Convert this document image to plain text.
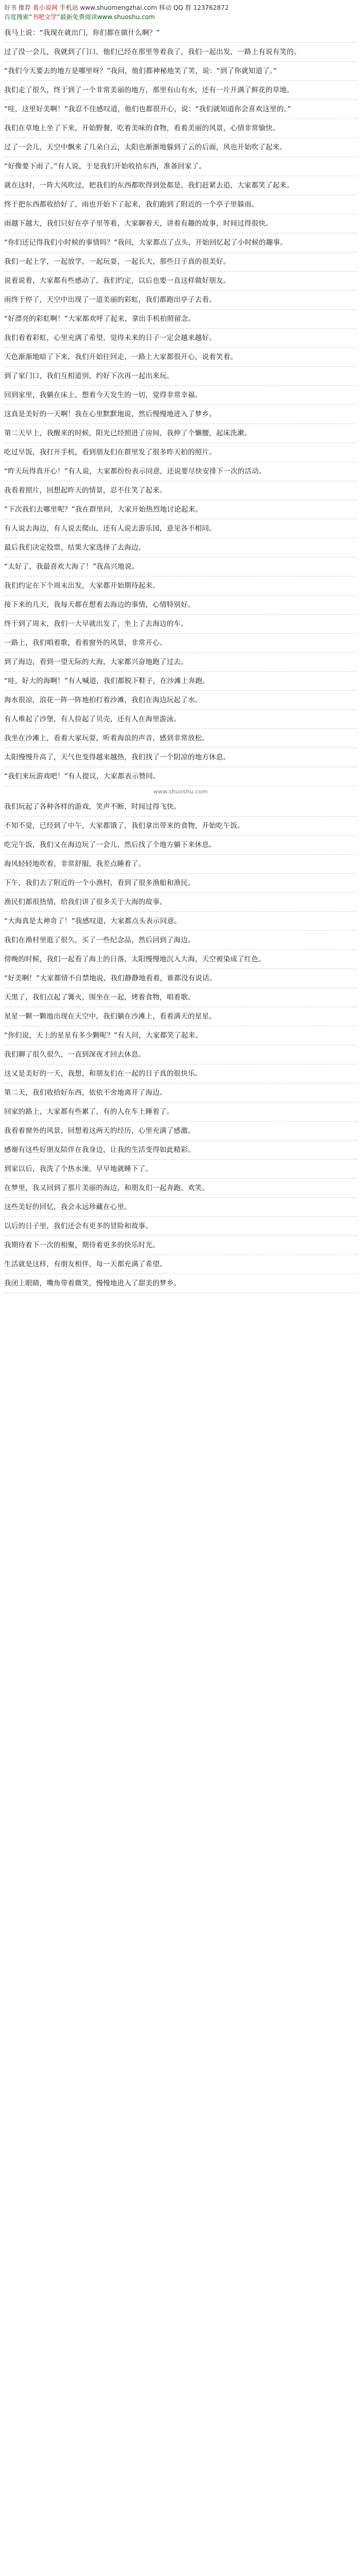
好书 推荐 看小说网 手机站 www.shuomengzhai.com 移动 QQ 群 123762872
百度搜索“书吧文学”最新免费阅读www.shuoshu.com

我马上说：“我现在就出门，你们都在做什么啊？”

过了没一会儿，我就到了门口，他们已经在那里等着我了，我们一起出发，一路上有说有笑的。

“我们今天要去的地方是哪里呀？”我问，他们都神秘地笑了笑，说：“到了你就知道了。”

我们走了很久，终于到了一个非常美丽的地方，那里有山有水，还有一片开满了鲜花的草地。

“哇，这里好美啊！”我忍不住感叹道，他们也都很开心，说：“我们就知道你会喜欢这里的。”

我们在草地上坐了下来，开始野餐，吃着美味的食物，看着美丽的风景，心情非常愉快。

过了一会儿，天空中飘来了几朵白云，太阳也渐渐地躲到了云的后面，风也开始吹了起来。

“好像要下雨了。”有人说，于是我们开始收拾东西，准备回家了。

就在这时，一阵大风吹过，把我们的东西都吹得到处都是，我们赶紧去追，大家都笑了起来。

终于把东西都收拾好了，雨也开始下了起来，我们跑到了附近的一个亭子里躲雨。

雨越下越大，我们只好在亭子里等着，大家聊着天，讲着有趣的故事，时间过得很快。

“你们还记得我们小时候的事情吗？”我问，大家都点了点头，开始回忆起了小时候的趣事。

我们一起上学，一起放学，一起玩耍，一起长大，那些日子真的很美好。

说着说着，大家都有些感动了，我们约定，以后也要一直这样做好朋友。

雨终于停了，天空中出现了一道美丽的彩虹，我们都跑出亭子去看。

“好漂亮的彩虹啊！”大家都欢呼了起来，拿出手机拍照留念。

我们看着彩虹，心里充满了希望，觉得未来的日子一定会越来越好。

天色渐渐地暗了下来，我们开始往回走，一路上大家都很开心，说着笑着。

到了家门口，我们互相道别，约好下次再一起出来玩。

回到家里，我躺在床上，想着今天发生的一切，觉得非常幸福。

这真是美好的一天啊！我在心里默默地说，然后慢慢地进入了梦乡。

第二天早上，我醒来的时候，阳光已经照进了房间，我伸了个懒腰，起床洗漱。

吃过早饭，我打开手机，看到朋友们在群里发了很多昨天拍的照片。

“昨天玩得真开心！”有人说，大家都纷纷表示同意，还说要尽快安排下一次的活动。

我看着照片，回想起昨天的情景，忍不住笑了起来。

“下次我们去哪里呢？”我在群里问，大家开始热烈地讨论起来。

有人说去海边，有人说去爬山，还有人说去游乐园，意见各不相同。

最后我们决定投票，结果大家选择了去海边。

“太好了，我最喜欢大海了！”我高兴地说。

我们约定在下个周末出发，大家都开始期待起来。

接下来的几天，我每天都在想着去海边的事情，心情特别好。

终于到了周末，我们一大早就出发了，坐上了去海边的车。

一路上，我们唱着歌，看着窗外的风景，非常开心。

到了海边，看到一望无际的大海，大家都兴奋地跑了过去。

“哇，好大的海啊！”有人喊道，我们都脱下鞋子，在沙滩上奔跑。

海水很凉，浪花一阵一阵地拍打着沙滩，我们在海边玩起了水。

有人堆起了沙堡，有人捡起了贝壳，还有人在海里游泳。

我坐在沙滩上，看着大家玩耍，听着海浪的声音，感到非常放松。

太阳慢慢升高了，天气也变得越来越热，我们找了一个阴凉的地方休息。

“我们来玩游戏吧！”有人提议，大家都表示赞同。

www.shuoshu.com

我们玩起了各种各样的游戏，笑声不断，时间过得飞快。

不知不觉，已经到了中午，大家都饿了，我们拿出带来的食物，开始吃午饭。

吃完午饭，我们又在海边玩了一会儿，然后找了个地方躺下来休息。

海风轻轻地吹着，非常舒服，我差点睡着了。

下午，我们去了附近的一个小渔村，看到了很多渔船和渔民。

渔民们都很热情，给我们讲了很多关于大海的故事。

“大海真是太神奇了！”我感叹道，大家都点头表示同意。

我们在渔村里逛了很久，买了一些纪念品，然后回到了海边。

傍晚的时候，我们一起看了海上的日落，太阳慢慢地沉入大海，天空被染成了红色。

“好美啊！”大家都情不自禁地说，我们静静地看着，谁都没有说话。

天黑了，我们点起了篝火，围坐在一起，烤着食物，唱着歌。

星星一颗一颗地出现在天空中，我们躺在沙滩上，看着满天的星星。

“你们说，天上的星星有多少颗呢？”有人问，大家都笑了起来。

我们聊了很久很久，一直到深夜才回去休息。

这又是美好的一天，我想，和朋友们在一起的日子真的很快乐。

第二天，我们收拾好东西，依依不舍地离开了海边。

回家的路上，大家都有些累了，有的人在车上睡着了。

我看着窗外的风景，回想着这两天的经历，心里充满了感激。

感谢有这些好朋友陪伴在我身边，让我的生活变得如此精彩。

到家以后，我洗了个热水澡，早早地就睡下了。

在梦里，我又回到了那片美丽的海边，和朋友们一起奔跑、欢笑。

这些美好的回忆，我会永远珍藏在心里。

以后的日子里，我们还会有更多的冒险和故事。

我期待着下一次的相聚，期待着更多的快乐时光。

生活就是这样，有朋友相伴，每一天都充满了希望。

我闭上眼睛，嘴角带着微笑，慢慢地进入了甜美的梦乡。
